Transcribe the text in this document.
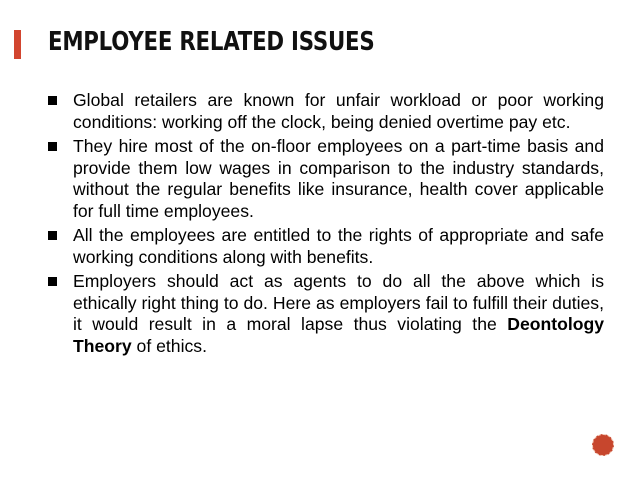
EMPLOYEE RELATED ISSUES
Global retailers are known for unfair workload or poor working conditions: working off the clock, being denied overtime pay etc.
They hire most of the on-floor employees on a part-time basis and provide them low wages in comparison to the industry standards, without the regular benefits like insurance, health cover applicable for full time employees.
All the employees are entitled to the rights of appropriate and safe working conditions along with benefits.
Employers should act as agents to do all the above which is ethically right thing to do. Here as employers fail to fulfill their duties, it would result in a moral lapse thus violating the Deontology Theory of ethics.
